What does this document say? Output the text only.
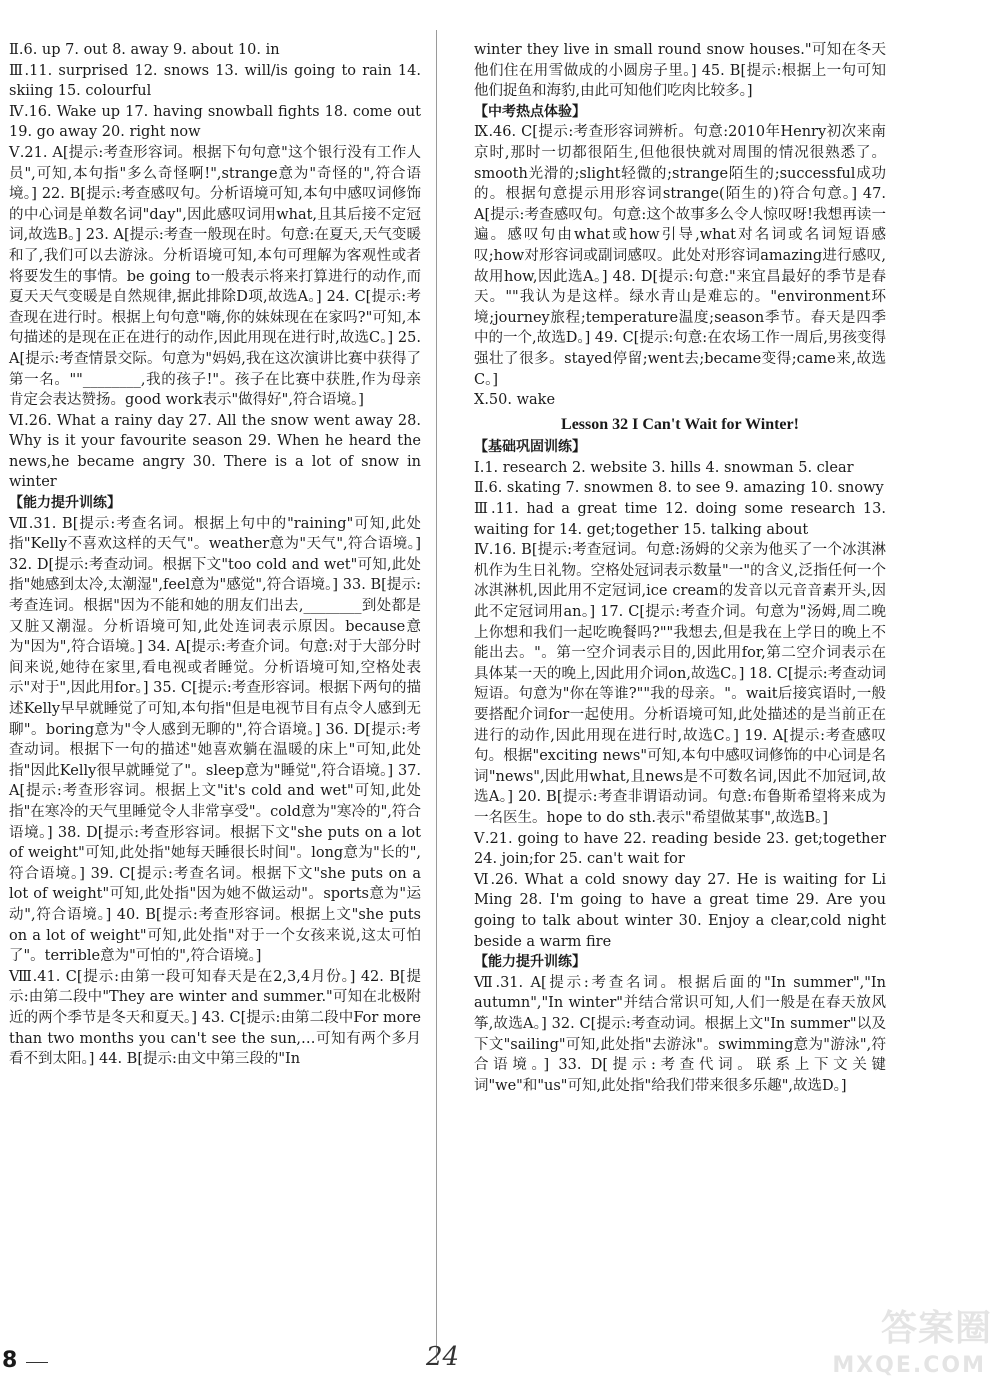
Ⅱ.6. up 7. out 8. away 9. about 10. in

Ⅲ.11. surprised 12. snows 13. will/is going to rain 14. skiing 15. colourful

Ⅳ.16. Wake up 17. having snowball fights 18. come out 19. go away 20. right now

Ⅴ.21. A[提示:考查形容词。根据下句句意"这个银行没有工作人员",可知,本句指"多么奇怪啊!",strange意为"奇怪的",符合语境。] 22. B[提示:考查感叹句。分析语境可知,本句中感叹词修饰的中心词是单数名词"day",因此感叹词用what,且其后接不定冠词,故选B。] 23. A[提示:考查一般现在时。句意:在夏天,天气变暖和了,我们可以去游泳。分析语境可知,本句可理解为客观性或者将要发生的事情。be going to一般表示将来打算进行的动作,而夏天天气变暖是自然规律,据此排除D项,故选A。] 24. C[提示:考查现在进行时。根据上句句意"嗨,你的妹妹现在在家吗?"可知,本句描述的是现在正在进行的动作,因此用现在进行时,故选C。] 25. A[提示:考查情景交际。句意为"妈妈,我在这次演讲比赛中获得了第一名。""________,我的孩子!"。孩子在比赛中获胜,作为母亲肯定会表达赞扬。good work表示"做得好",符合语境。]

Ⅵ.26. What a rainy day 27. All the snow went away 28. Why is it your favourite season 29. When he heard the news,he became angry 30. There is a lot of snow in winter

【能力提升训练】

Ⅶ.31. B[提示:考查名词。根据上句中的"raining"可知,此处指"Kelly不喜欢这样的天气"。weather意为"天气",符合语境。] 32. D[提示:考查动词。根据下文"too cold and wet"可知,此处指"她感到太冷,太潮湿",feel意为"感觉",符合语境。] 33. B[提示:考查连词。根据"因为不能和她的朋友们出去,________到处都是又脏又潮湿。分析语境可知,此处连词表示原因。because意为"因为",符合语境。] 34. A[提示:考查介词。句意:对于大部分时间来说,她待在家里,看电视或者睡觉。分析语境可知,空格处表示"对于",因此用for。] 35. C[提示:考查形容词。根据下两句的描述Kelly早早就睡觉了可知,本句指"但是电视节目有点令人感到无聊"。boring意为"令人感到无聊的",符合语境。] 36. D[提示:考查动词。根据下一句的描述"她喜欢躺在温暖的床上"可知,此处指"因此Kelly很早就睡觉了"。sleep意为"睡觉",符合语境。] 37. A[提示:考查形容词。根据上文"it's cold and wet"可知,此处指"在寒冷的天气里睡觉令人非常享受"。cold意为"寒冷的",符合语境。] 38. D[提示:考查形容词。根据下文"she puts on a lot of weight"可知,此处指"她每天睡很长时间"。long意为"长的",符合语境。] 39. C[提示:考查名词。根据下文"she puts on a lot of weight"可知,此处指"因为她不做运动"。sports意为"运动",符合语境。] 40. B[提示:考查形容词。根据上文"she puts on a lot of weight"可知,此处指"对于一个女孩来说,这太可怕了"。terrible意为"可怕的",符合语境。]

Ⅷ.41. C[提示:由第一段可知春天是在2,3,4月份。] 42. B[提示:由第二段中"They are winter and summer."可知在北极附近的两个季节是冬天和夏天。] 43. C[提示:由第二段中For more than two months you can't see the sun,…可知有两个多月看不到太阳。] 44. B[提示:由文中第三段的"In

winter they live in small round snow houses."可知在冬天他们住在用雪做成的小圆房子里。] 45. B[提示:根据上一句可知他们捉鱼和海豹,由此可知他们吃肉比较多。]

【中考热点体验】

Ⅸ.46. C[提示:考查形容词辨析。句意:2010年Henry初次来南京时,那时一切都很陌生,但他很快就对周围的情况很熟悉了。smooth光滑的;slight轻微的;strange陌生的;successful成功的。根据句意提示用形容词strange(陌生的)符合句意。] 47. A[提示:考查感叹句。句意:这个故事多么令人惊叹呀!我想再读一遍。感叹句由what或how引导,what对名词或名词短语感叹;how对形容词或副词感叹。此处对形容词amazing进行感叹,故用how,因此选A。] 48. D[提示:句意:"来宜昌最好的季节是春天。""我认为是这样。绿水青山是难忘的。"environment环境;journey旅程;temperature温度;season季节。春天是四季中的一个,故选D。] 49. C[提示:句意:在农场工作一周后,男孩变得强壮了很多。stayed停留;went去;became变得;came来,故选C。]

Ⅹ.50. wake

Lesson 32 I Can't Wait for Winter!

【基础巩固训练】

Ⅰ.1. research 2. website 3. hills 4. snowman 5. clear

Ⅱ.6. skating 7. snowmen 8. to see 9. amazing 10. snowy

Ⅲ.11. had a great time 12. doing some research 13. waiting for 14. get;together 15. talking about

Ⅳ.16. B[提示:考查冠词。句意:汤姆的父亲为他买了一个冰淇淋机作为生日礼物。空格处冠词表示数量"一"的含义,泛指任何一个冰淇淋机,因此用不定冠词,ice cream的发音以元音音素开头,因此不定冠词用an。] 17. C[提示:考查介词。句意为"汤姆,周二晚上你想和我们一起吃晚餐吗?""我想去,但是我在上学日的晚上不能出去。"。第一空介词表示目的,因此用for,第二空介词表示在具体某一天的晚上,因此用介词on,故选C。] 18. C[提示:考查动词短语。句意为"你在等谁?""我的母亲。"。wait后接宾语时,一般要搭配介词for一起使用。分析语境可知,此处描述的是当前正在进行的动作,因此用现在进行时,故选C。] 19. A[提示:考查感叹句。根据"exciting news"可知,本句中感叹词修饰的中心词是名词"news",因此用what,且news是不可数名词,因此不加冠词,故选A。] 20. B[提示:考查非谓语动词。句意:布鲁斯希望将来成为一名医生。hope to do sth.表示"希望做某事",故选B。]

Ⅴ.21. going to have 22. reading beside 23. get;together 24. join;for 25. can't wait for

Ⅵ.26. What a cold snowy day 27. He is waiting for Li Ming 28. I'm going to have a great time 29. Are you going to talk about winter 30. Enjoy a clear,cold night beside a warm fire

【能力提升训练】

Ⅶ.31. A[提示:考查名词。根据后面的"In summer","In autumn","In winter"并结合常识可知,人们一般是在春天放风筝,故选A。] 32. C[提示:考查动词。根据上文"In summer"以及下文"sailing"可知,此处指"去游泳"。swimming意为"游泳",符合语境。] 33. D[提示:考查代词。联系上下文关键词"we"和"us"可知,此处指"给我们带来很多乐趣",故选D。]

8	24
答案圈
MXQE.COM
